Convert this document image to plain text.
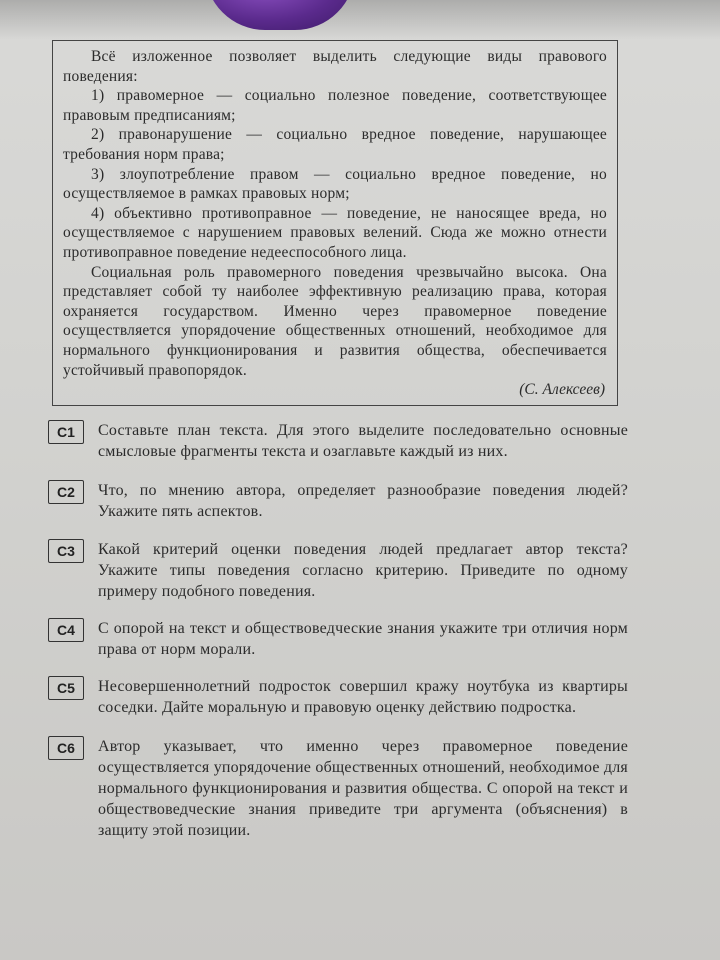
Всё изложенное позволяет выделить следующие виды правового поведения:

1) правомерное — социально полезное поведение, соответствующее правовым предписаниям;

2) правонарушение — социально вредное поведение, нарушающее требования норм права;

3) злоупотребление правом — социально вредное поведение, но осуществляемое в рамках правовых норм;

4) объективно противоправное — поведение, не наносящее вреда, но осуществляемое с нарушением правовых велений. Сюда же можно отнести противоправное поведение недееспособного лица.

Социальная роль правомерного поведения чрезвычайно высока. Она представляет собой ту наиболее эффективную реализацию права, которая охраняется государством. Именно через правомерное поведение осуществляется упорядочение общественных отношений, необходимое для нормального функционирования и развития общества, обеспечивается устойчивый правопорядок.

(С. Алексеев)
C1	Составьте план текста. Для этого выделите последовательно основные смысловые фрагменты текста и озаглавьте каждый из них.
C2	Что, по мнению автора, определяет разнообразие поведения людей? Укажите пять аспектов.
C3	Какой критерий оценки поведения людей предлагает автор текста? Укажите типы поведения согласно критерию. Приведите по одному примеру подобного поведения.
C4	С опорой на текст и обществоведческие знания укажите три отличия норм права от норм морали.
C5	Несовершеннолетний подросток совершил кражу ноутбука из квартиры соседки. Дайте моральную и правовую оценку действию подростка.
C6	Автор указывает, что именно через правомерное поведение осуществляется упорядочение общественных отношений, необходимое для нормального функционирования и развития общества. С опорой на текст и обществоведческие знания приведите три аргумента (объяснения) в защиту этой позиции.
